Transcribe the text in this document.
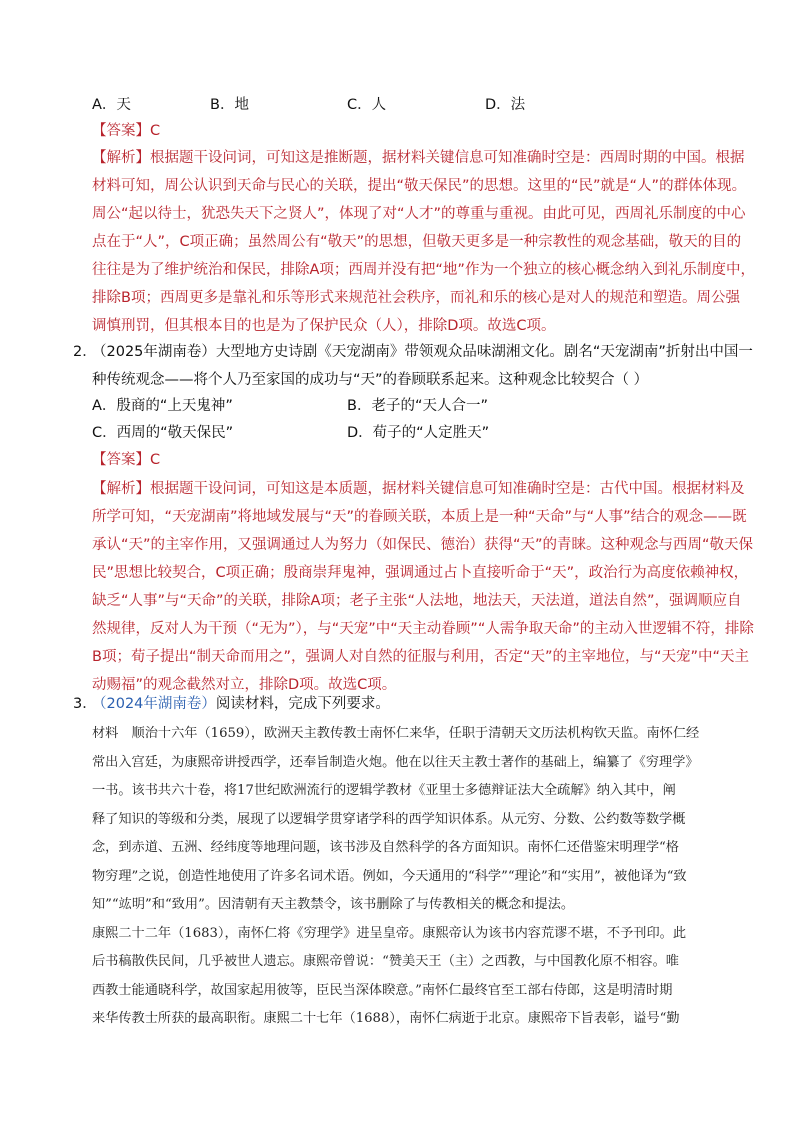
A．天	B．地	C．人	D．法
【答案】C
【解析】根据题干设问词，可知这是推断题，据材料关键信息可知准确时空是：西周时期的中国。根据
材料可知，周公认识到天命与民心的关联，提出“敬天保民”的思想。这里的“民”就是“人”的群体体现。
周公“起以待士，犹恐失天下之贤人”，体现了对“人才”的尊重与重视。由此可见，西周礼乐制度的中心
点在于“人”，C项正确；虽然周公有“敬天”的思想，但敬天更多是一种宗教性的观念基础，敬天的目的
往往是为了维护统治和保民，排除A项；西周并没有把“地”作为一个独立的核心概念纳入到礼乐制度中，
排除B项；西周更多是靠礼和乐等形式来规范社会秩序，而礼和乐的核心是对人的规范和塑造。周公强
调慎刑罚，但其根本目的也是为了保护民众（人），排除D项。故选C项。
2．
（2025年湖南卷）大型地方史诗剧《天宠湖南》带领观众品味湖湘文化。剧名“天宠湖南”折射出中国一
种传统观念——将个人乃至家国的成功与“天”的眷顾联系起来。这种观念比较契合（ ）
A．殷商的“上天鬼神”	B．老子的“天人合一”
C．西周的“敬天保民”	D．荀子的“人定胜天”
【答案】C
【解析】根据题干设问词，可知这是本质题，据材料关键信息可知准确时空是：古代中国。根据材料及
所学可知，“天宠湖南”将地域发展与“天”的眷顾关联，本质上是一种“天命”与“人事”结合的观念——既
承认“天”的主宰作用，又强调通过人为努力（如保民、德治）获得“天”的青睐。这种观念与西周“敬天保
民”思想比较契合，C项正确；殷商崇拜鬼神，强调通过占卜直接听命于“天”，政治行为高度依赖神权，
缺乏“人事”与“天命”的关联，排除A项；老子主张“人法地，地法天，天法道，道法自然”，强调顺应自
然规律，反对人为干预（“无为”），与“天宠”中“天主动眷顾”“人需争取天命”的主动入世逻辑不符，排除
B项；荀子提出“制天命而用之”，强调人对自然的征服与利用，否定“天”的主宰地位，与“天宠”中“天主
动赐福”的观念截然对立，排除D项。故选C项。
3．
（2024年湖南卷）阅读材料，完成下列要求。
材料　顺治十六年（1659），欧洲天主教传教士南怀仁来华，任职于清朝天文历法机构钦天监。南怀仁经
常出入宫廷，为康熙帝讲授西学，还奉旨制造火炮。他在以往天主教士著作的基础上，编纂了《穷理学》
一书。该书共六十卷，将17世纪欧洲流行的逻辑学教材《亚里士多德辩证法大全疏解》纳入其中，阐
释了知识的等级和分类，展现了以逻辑学贯穿诸学科的西学知识体系。从元穷、分数、公约数等数学概
念，到赤道、五洲、经纬度等地理问题，该书涉及自然科学的各方面知识。南怀仁还借鉴宋明理学“格
物穷理”之说，创造性地使用了许多名词术语。例如，今天通用的“科学”“理论”和“实用”，被他译为“致
知”“竑明”和“致用”。因清朝有天主教禁令，该书删除了与传教相关的概念和提法。
康熙二十二年（1683），南怀仁将《穷理学》进呈皇帝。康熙帝认为该书内容荒谬不堪，不予刊印。此
后书稿散佚民间，几乎被世人遗忘。康熙帝曾说：“赞美天王（主）之西教，与中国教化原不相容。唯
西教士能通晓科学，故国家起用彼等，臣民当深体睽意。”南怀仁最终官至工部右侍郎，这是明清时期
来华传教士所获的最高职衔。康熙二十七年（1688），南怀仁病逝于北京。康熙帝下旨表彰，谥号“勤
